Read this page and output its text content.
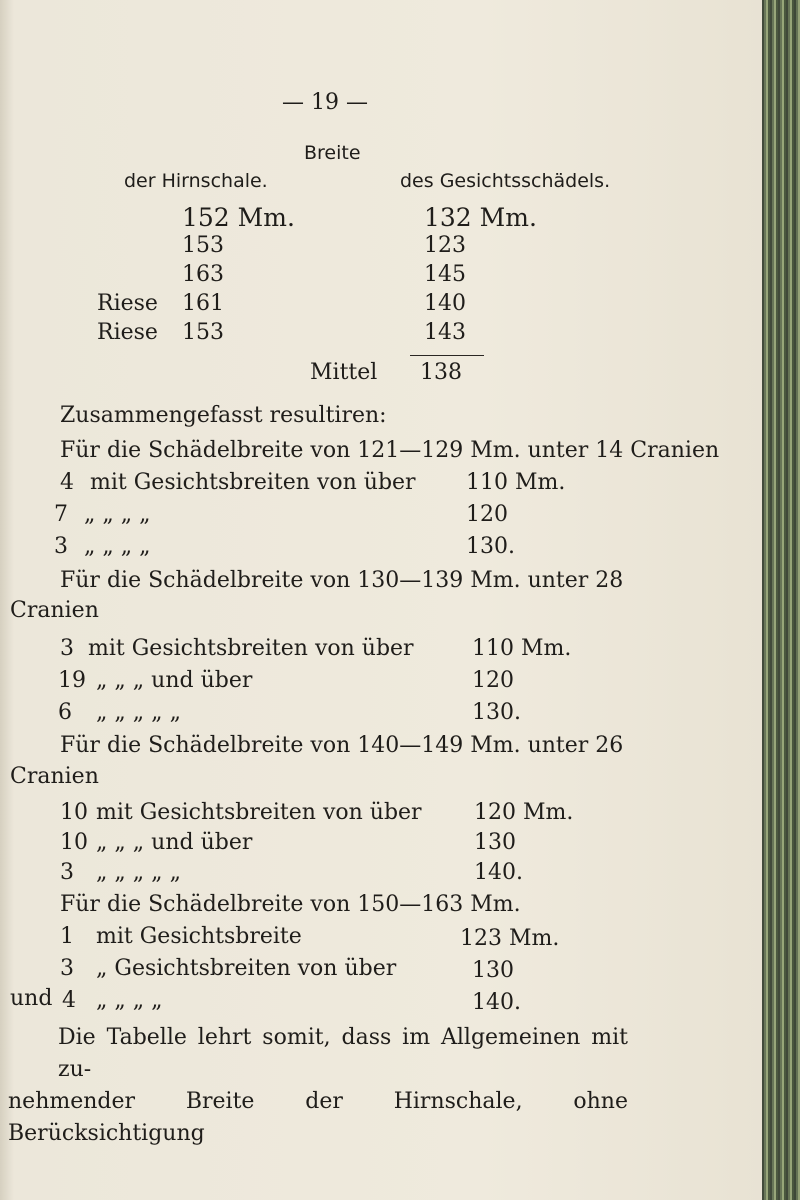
— 19 —
Breite
der Hirnschale.	des Gesichtsschädels.
152 Mm.	132 Mm.
153	123
163	145
Riese 161	140
Riese 153	143
Mittel 138
Zusammengefasst resultiren:
Für die Schädelbreite von 121—129 Mm. unter 14 Cranien
4 mit Gesichtsbreiten von über 110 Mm.
7 „ „ „ „	120
3 „ „ „ „	130.
Für die Schädelbreite von 130—139 Mm. unter 28
Cranien
3 mit Gesichtsbreiten von über	110 Mm.
19 „ „ „ und über	120
6 „ „ „ „ „	130.
Für die Schädelbreite von 140—149 Mm. unter 26
Cranien
10 mit Gesichtsbreiten von über 120 Mm.
10 „ „ „ und über	130
3 „ „ „ „ „	140.
Für die Schädelbreite von 150—163 Mm.
1 mit Gesichtsbreite	123 Mm.
3 „ Gesichtsbreiten von über	130
und 4 „ „ „ „	140.
Die Tabelle lehrt somit, dass im Allgemeinen mit zu-
nehmender Breite der Hirnschale, ohne Berücksichtigung
